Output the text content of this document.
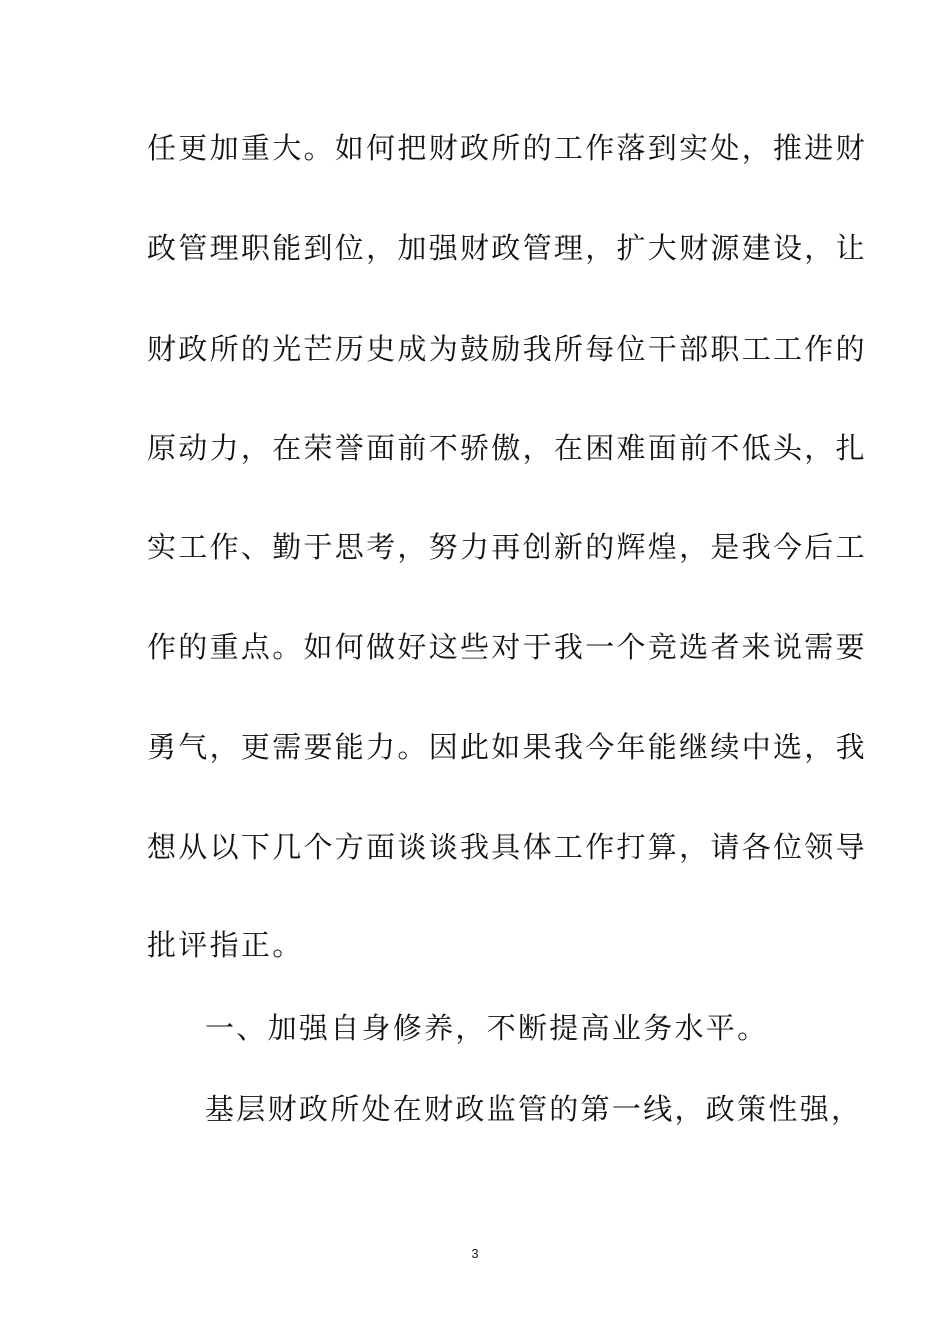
任更加重大。如何把财政所的工作落到实处，推进财
政管理职能到位，加强财政管理，扩大财源建设，让
财政所的光芒历史成为鼓励我所每位干部职工工作的
原动力，在荣誉面前不骄傲，在困难面前不低头，扎
实工作、勤于思考，努力再创新的辉煌，是我今后工
作的重点。如何做好这些对于我一个竞选者来说需要
勇气，更需要能力。因此如果我今年能继续中选，我
想从以下几个方面谈谈我具体工作打算，请各位领导
批评指正。
一、加强自身修养，不断提高业务水平。
基层财政所处在财政监管的第一线，政策性强，
3
